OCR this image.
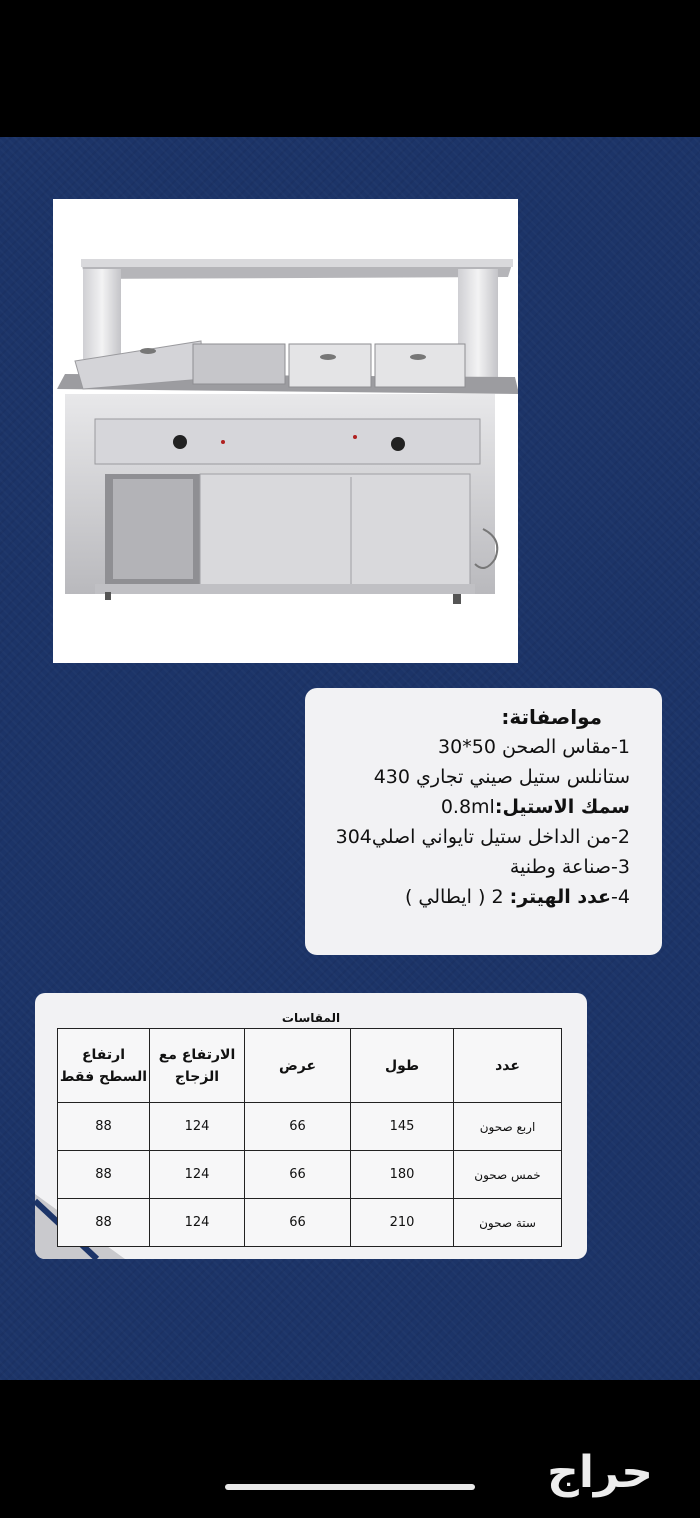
مواصفاتة:
1-مقاس الصحن 50*30
ستانلس ستيل صيني تجاري 430
سمك الاستيل:0.8ml
2-من الداخل ستيل تايواني اصلي304
3-صناعة وطنية
4-عدد الهيتر: 2 ( ايطالي )
المقاسات
عدد	طول	عرض	الارتفاع مع الزجاج	ارتفاع السطح فقط
اربع صحون	145	66	124	88
خمس صحون	180	66	124	88
ستة صحون	210	66	124	88
حراج
